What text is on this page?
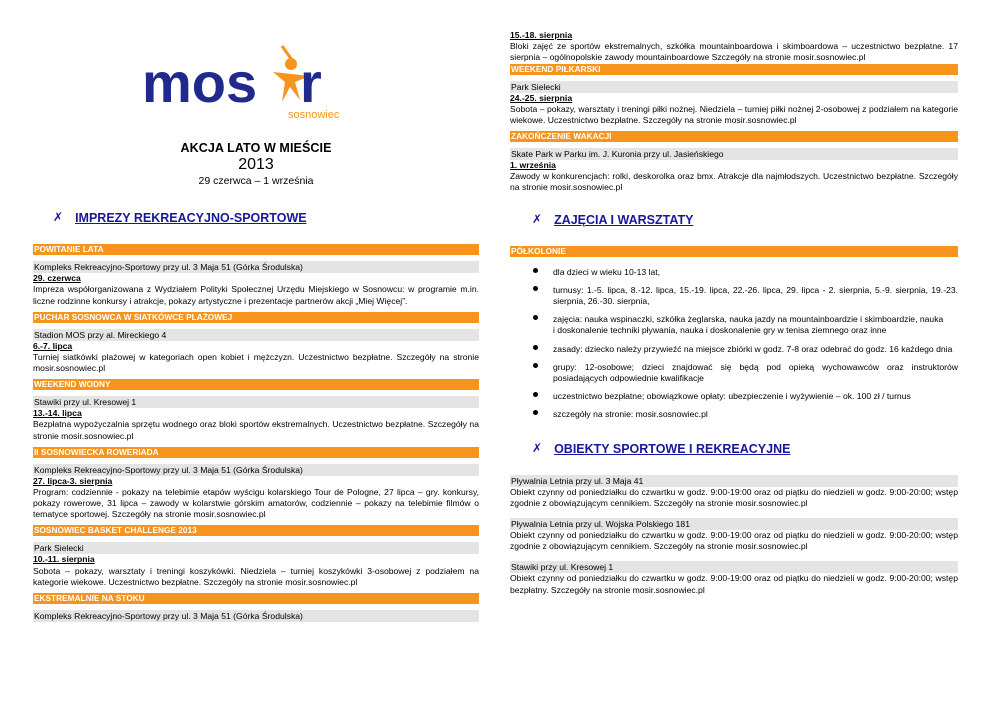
mos r
sosnowiec
AKCJA LATO W MIEŚCIE
2013
29 czerwca – 1 września
✗ IMPREZY REKREACYJNO-SPORTOWE
POWITANIE LATA
Kompleks Rekreacyjno-Sportowy przy ul. 3 Maja 51 (Górka Środulska)
29. czerwca
Impreza współorganizowana z Wydziałem Polityki Społecznej Urzędu Miejskiego w Sosnowcu: w programie m.in. liczne rodzinne konkursy i atrakcje, pokazy artystyczne i prezentacje partnerów akcji „Miej Więcej”.
PUCHAR SOSNOWCA W SIATKÓWCE PLAŻOWEJ
Stadion MOS przy al. Mireckiego 4
6.-7. lipca
Turniej siatkówki plażowej w kategoriach open kobiet i mężczyzn. Uczestnictwo bezpłatne. Szczegóły na stronie mosir.sosnowiec.pl
WEEKEND WODNY
Stawiki przy ul. Kresowej 1
13.-14. lipca
Bezpłatna wypożyczalnia sprzętu wodnego oraz bloki sportów ekstremalnych. Uczestnictwo bezpłatne. Szczegóły na stronie mosir.sosnowiec.pl
II SOSNOWIECKA ROWERIADA
Kompleks Rekreacyjno-Sportowy przy ul. 3 Maja 51 (Górka Środulska)
27. lipca-3. sierpnia
Program: codziennie - pokazy na telebimie etapów wyścigu kolarskiego Tour de Pologne, 27 lipca – gry. konkursy, pokazy rowerowe, 31 lipca – zawody w kolarstwie górskim amatorów, codziennie – pokazy na telebimie filmów o tematyce sportowej. Szczegóły na stronie mosir.sosnowiec.pl
SOSNOWIEC BASKET CHALLENGE 2013
Park Sielecki
10.-11. sierpnia
Sobota – pokazy, warsztaty i treningi koszykówki. Niedziela – turniej koszykówki 3-osobowej z podziałem na kategorie wiekowe. Uczestnictwo bezpłatne. Szczegóły na stronie mosir.sosnowiec.pl
EKSTREMALNIE NA STOKU
Kompleks Rekreacyjno-Sportowy przy ul. 3 Maja 51 (Górka Środulska)
15.-18. sierpnia
Bloki zajęć ze sportów ekstremalnych, szkółka mountainboardowa i skimboardowa – uczestnictwo bezpłatne. 17 sierpnia – ogólnopolskie zawody mountainboardowe Szczegóły na stronie mosir.sosnowiec.pl
WEEKEND PIŁKARSKI
Park Sielecki
24.-25. sierpnia
Sobota – pokazy, warsztaty i treningi piłki nożnej. Niedziela – turniej piłki nożnej 2-osobowej z podziałem na kategorie wiekowe. Uczestnictwo bezpłatne. Szczegóły na stronie mosir.sosnowiec.pl
ZAKOŃCZENIE WAKACJI
Skate Park w Parku im. J. Kuronia przy ul. Jasieńskiego
1. września
Zawody w konkurencjach: rolki, deskorolka oraz bmx. Atrakcje dla najmłodszych. Uczestnictwo bezpłatne. Szczegóły na stronie mosir.sosnowiec.pl
✗ ZAJĘCIA I WARSZTATY
PÓŁKOLONIE
dla dzieci w wieku 10-13 lat,
turnusy: 1.-5. lipca, 8.-12. lipca, 15.-19. lipca, 22.-26. lipca, 29. lipca - 2. sierpnia, 5.-9. sierpnia, 19.-23. sierpnia, 26.-30. sierpnia,
zajęcia: nauka wspinaczki, szkółka żeglarska, nauka jazdy na mountainboardzie i skimboardzie, nauka
i doskonalenie techniki pływania, nauka i doskonalenie gry w tenisa ziemnego oraz inne
zasady: dziecko należy przywieźć na miejsce zbiórki w godz. 7-8 oraz odebrać do godz. 16 każdego dnia
grupy: 12-osobowe; dzieci znajdować się będą pod opieką wychowawców oraz instruktorów posiadających odpowiednie kwalifikacje
uczestnictwo bezpłatne; obowiązkowe opłaty: ubezpieczenie i wyżywienie – ok. 100 zł / turnus
szczegóły na stronie: mosir.sosnowiec.pl
✗ OBIEKTY SPORTOWE I REKREACYJNE
Pływalnia Letnia przy ul. 3 Maja 41
Obiekt czynny od poniedziałku do czwartku w godz. 9:00-19:00 oraz od piątku do niedzieli w godz. 9:00-20:00; wstęp zgodnie z obowiązującym cennikiem. Szczegóły na stronie mosir.sosnowiec.pl
Pływalnia Letnia przy ul. Wojska Polskiego 181
Obiekt czynny od poniedziałku do czwartku w godz. 9:00-19:00 oraz od piątku do niedzieli w godz. 9:00-20:00; wstęp zgodnie z obowiązującym cennikiem. Szczegóły na stronie mosir.sosnowiec.pl
Stawiki przy ul. Kresowej 1
Obiekt czynny od poniedziałku do czwartku w godz. 9:00-19:00 oraz od piątku do niedzieli w godz. 9:00-20:00; wstęp bezpłatny. Szczegóły na stronie mosir.sosnowiec.pl
